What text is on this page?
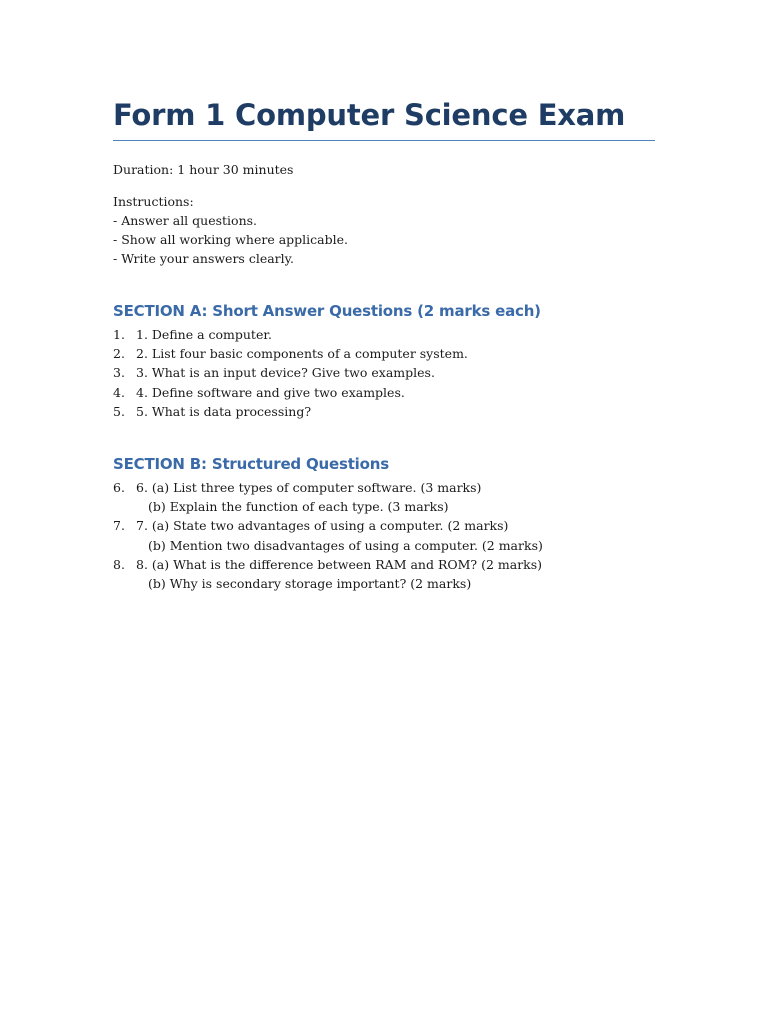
Form 1 Computer Science Exam
Duration: 1 hour 30 minutes
Instructions:
- Answer all questions.
- Show all working where applicable.
- Write your answers clearly.
SECTION A: Short Answer Questions (2 marks each)
1. 1. Define a computer.
2. 2. List four basic components of a computer system.
3. 3. What is an input device? Give two examples.
4. 4. Define software and give two examples.
5. 5. What is data processing?
SECTION B: Structured Questions
6. 6. (a) List three types of computer software. (3 marks)
(b) Explain the function of each type. (3 marks)
7. 7. (a) State two advantages of using a computer. (2 marks)
(b) Mention two disadvantages of using a computer. (2 marks)
8. 8. (a) What is the difference between RAM and ROM? (2 marks)
(b) Why is secondary storage important? (2 marks)
